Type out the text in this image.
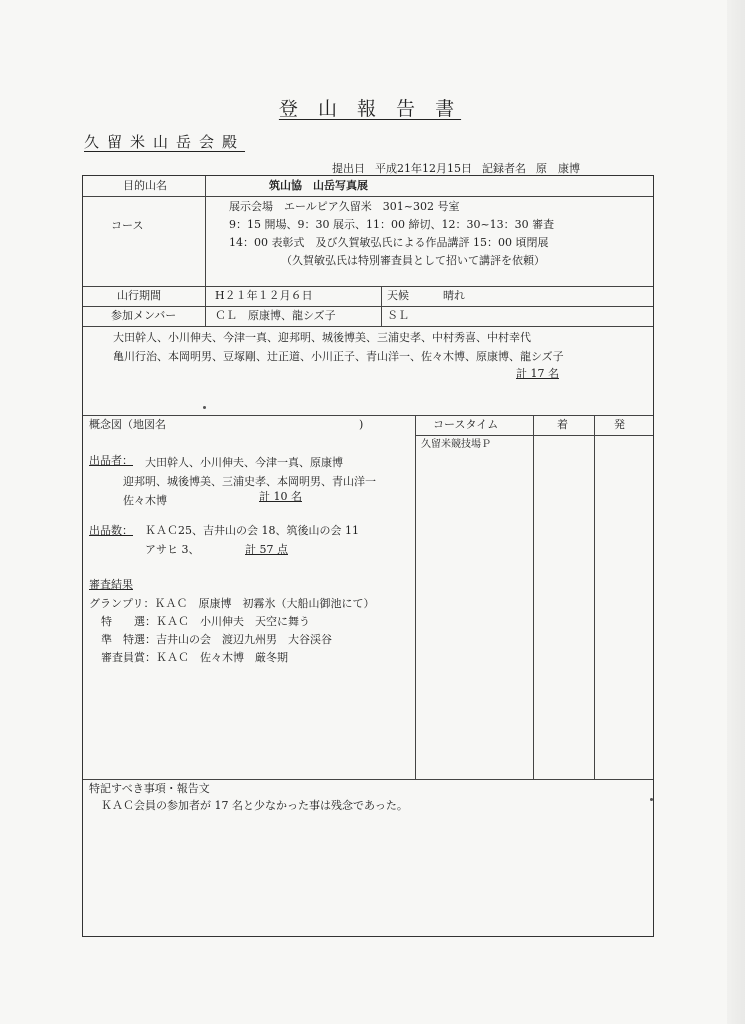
登 山 報 告 書
久留米山岳会殿
提出日 平成21年12月15日 記録者名 原　康博
目的山名	筑山協　山岳写真展
コース

展示会場　エールピア久留米　301~302 号室

9：15 開場、9：30 展示、11：00 締切、12：30~13：30 審査

14：00 表彰式　及び久賀敏弘氏による作品講評 15：00 頃閉展

（久賀敏弘氏は特別審査員として招いて講評を依頼）

山行期間	H２１年１２月６日	天候	晴れ
参加メンバー	ＣＬ　原康博、龍シズ子	ＳＬ

大田幹人、小川伸夫、今津一真、迎邦明、城後博美、三浦史孝、中村秀喜、中村幸代

亀川行治、本岡明男、豆塚剛、辻正道、小川正子、青山洋一、佐々木博、原康博、龍シズ子

計 17 名
概念図（地図名	)
出品者： 大田幹人、小川伸夫、今津一真、原康博

迎邦明、城後博美、三浦史孝、本岡明男、青山洋一

佐々木博	計 10 名
出品数： ＫＡＣ25、吉井山の会 18、筑後山の会 11
アサヒ 3、	計 57 点
審査結果

グランプリ：ＫＡＣ　原康博　初霧氷（大船山御池にて）

特　　選：ＫＡＣ　小川伸夫　天空に舞う

準　特選：吉井山の会　渡辺九州男　大谷渓谷

審査員賞：ＫＡＣ　佐々木博　厳冬期

コースタイム	着	発
久留米競技場Ｐ
特記すべき事項・報告文
ＫＡＣ会員の参加者が 17 名と少なかった事は残念であった。
